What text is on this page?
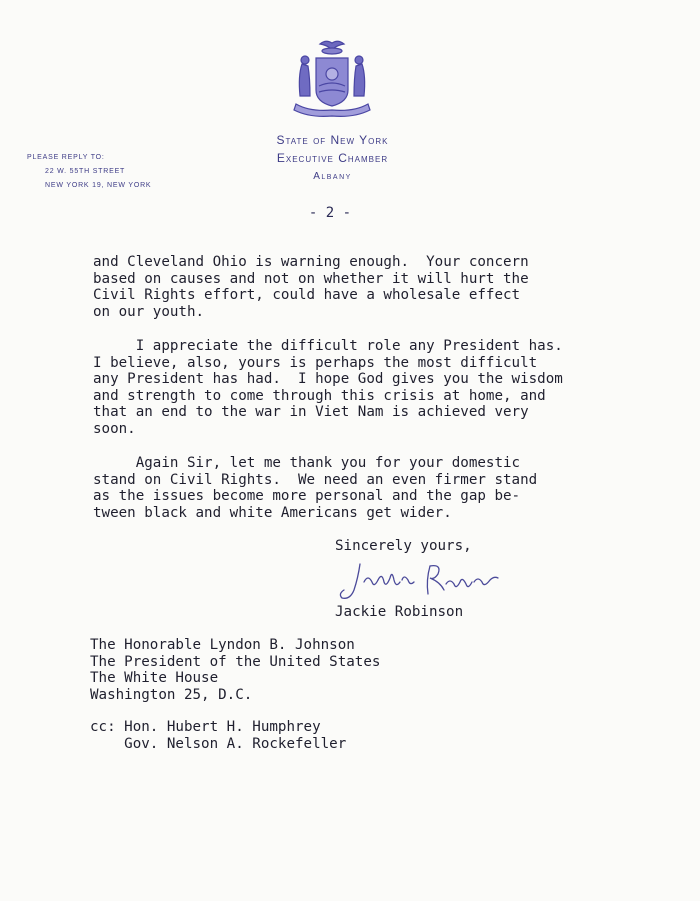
State of New York
Executive Chamber
Albany
PLEASE REPLY TO:
22 W. 55TH STREET
NEW YORK 19, NEW YORK
- 2 -
and Cleveland Ohio is warning enough.  Your concern
based on causes and not on whether it will hurt the
Civil Rights effort, could have a wholesale effect
on our youth.
I appreciate the difficult role any President has.
I believe, also, yours is perhaps the most difficult
any President has had.  I hope God gives you the wisdom
and strength to come through this crisis at home, and
that an end to the war in Viet Nam is achieved very
soon.
Again Sir, let me thank you for your domestic
stand on Civil Rights.  We need an even firmer stand
as the issues become more personal and the gap be-
tween black and white Americans get wider.
Sincerely yours,
Jackie Robinson
The Honorable Lyndon B. Johnson
The President of the United States
The White House
Washington 25, D.C.
cc: Hon. Hubert H. Humphrey
Gov. Nelson A. Rockefeller
